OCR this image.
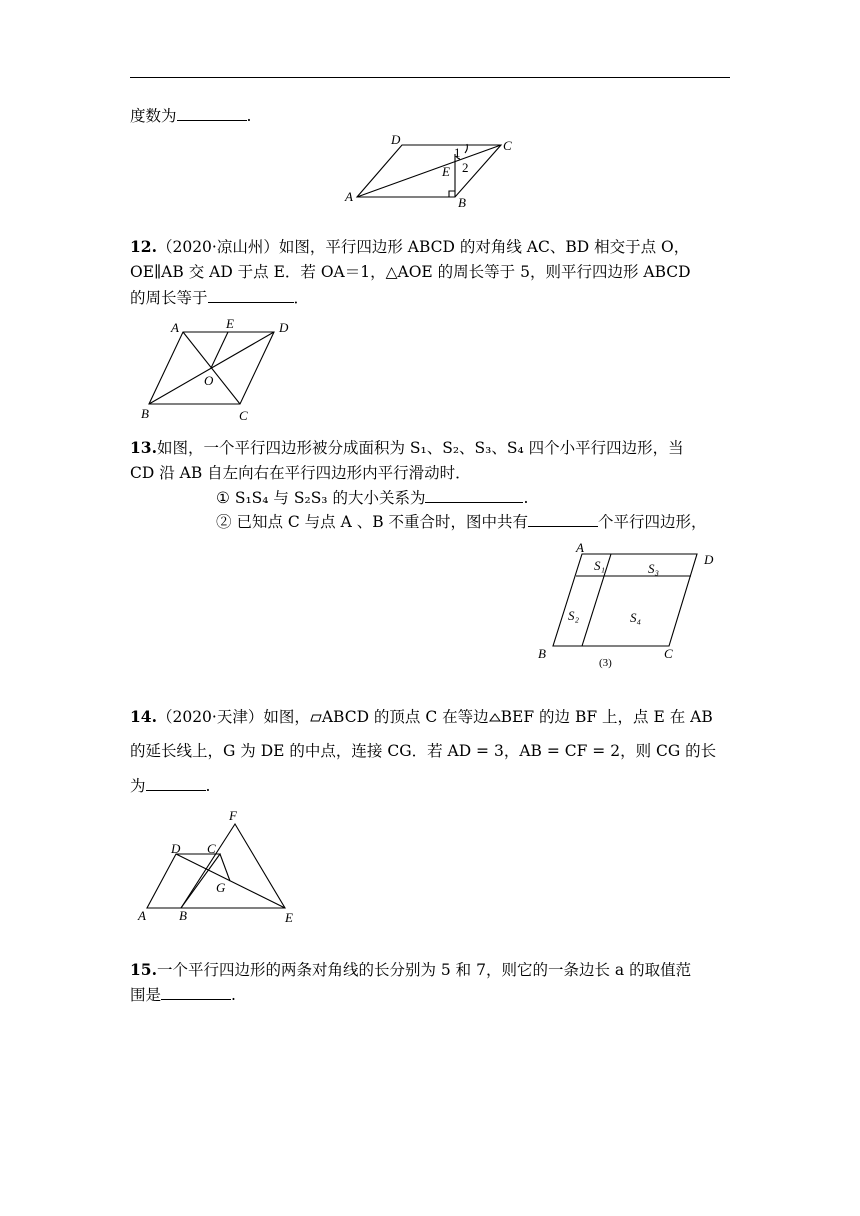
度数为	.
A	B
C
D
E
1
2
12.（2020·凉山州）如图，平行四边形 ABCD 的对角线 AC、BD 相交于点 O，
OE∥AB 交 AD 于点 E．若 OA＝1，△AOE 的周长等于 5，则平行四边形 ABCD
的周长等于	．
A	E	D
O
B	C
13.如图，一个平行四边形被分成面积为 S₁、S₂、S₃、S₄ 四个小平行四边形，当
CD 沿 AB 自左向右在平行四边形内平行滑动时．
① S₁S₄ 与 S₂S₃ 的大小关系为	.
② 已知点 C 与点 A 、B 不重合时，图中共有	个平行四边形，
A
D
B	C
S₁	S₃
S₂	S₄
(3)
14.（2020·天津）如图， ABCD 的顶点 C 在等边 BEF 的边 BF 上，点 E 在 AB
的延长线上，G 为 DE 的中点，连接 CG．若 AD = 3，AB = CF = 2，则 CG 的长
为	.
F
D C
G
A	B	E
15.一个平行四边形的两条对角线的长分别为 5 和 7，则它的一条边长 a 的取值范
围是	.
